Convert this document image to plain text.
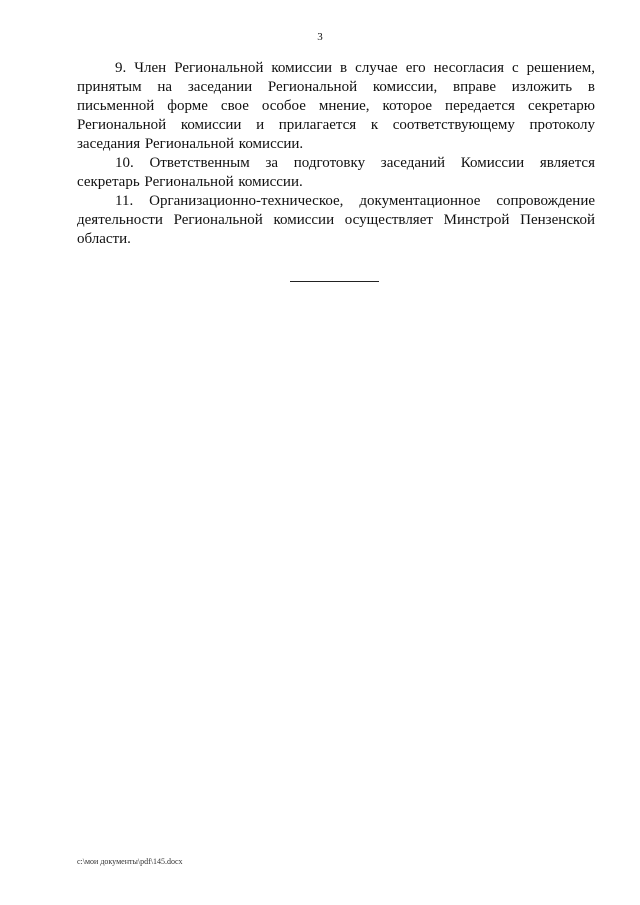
3

9. Член Региональной комиссии в случае его несогласия с решением, принятым на заседании Региональной комиссии, вправе изложить в письменной форме свое особое мнение, которое передается секретарю Региональной комиссии и прилагается к соответствующему протоколу заседания Региональной комиссии.

10. Ответственным за подготовку заседаний Комиссии является секретарь Региональной комиссии.

11. Организационно-техническое, документационное сопровождение деятельности Региональной комиссии осуществляет Минстрой Пензенской области.

c:\мои документы\pdf\145.docx
